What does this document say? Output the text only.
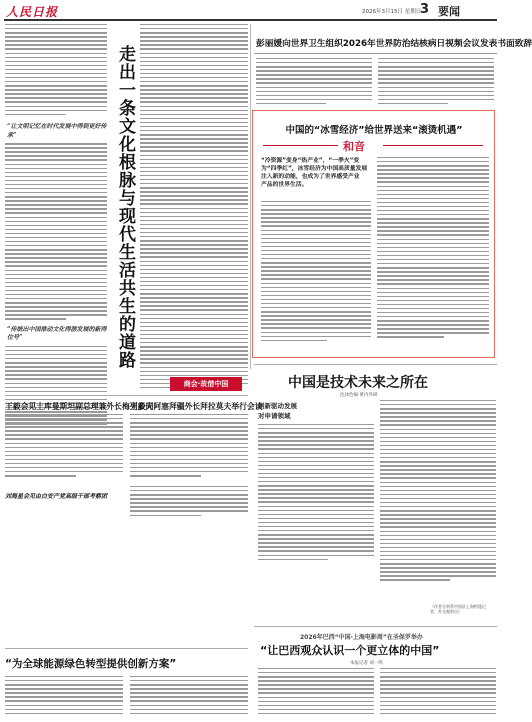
人民日报	2026年3月15日 星期日
3 要闻
“让文明记忆在时代发展中得到更好传承”
“传统出中国推动文化得游发展的新得位号”	走出一条文化根脉与现代生活共生的道路
彭丽媛向世界卫生组织2026年世界防治结核病日视频会议发表书面致辞
中国的“冰雪经济”给世界送来“滚烫机遇”
和音
“冷资源”变身“热产业”，“一季火”变
为“四季红”，冰雪经济为中国高质量发展
注入新的动能，也成为了世界感受产业
产品的世界生活。
商会·故借中国
王毅会见土库曼斯坦副总理兼外长梅列多夫
王毅同阿塞拜疆外长拜拉莫夫举行会谈
刘海星会见由白安产党高级干部考察团
中国是技术未来之所在
沈冰色编·黄内外研
创新驱动发展
对申请领域
（作者分别系中国驻上海特派记者、外交观察员）
“为全球能源绿色转型提供创新方案”
2026年巴西“中国·上海电影周”在圣保罗举办
“让巴西观众认识一个更立体的中国”
本报记者 刘一鸣
